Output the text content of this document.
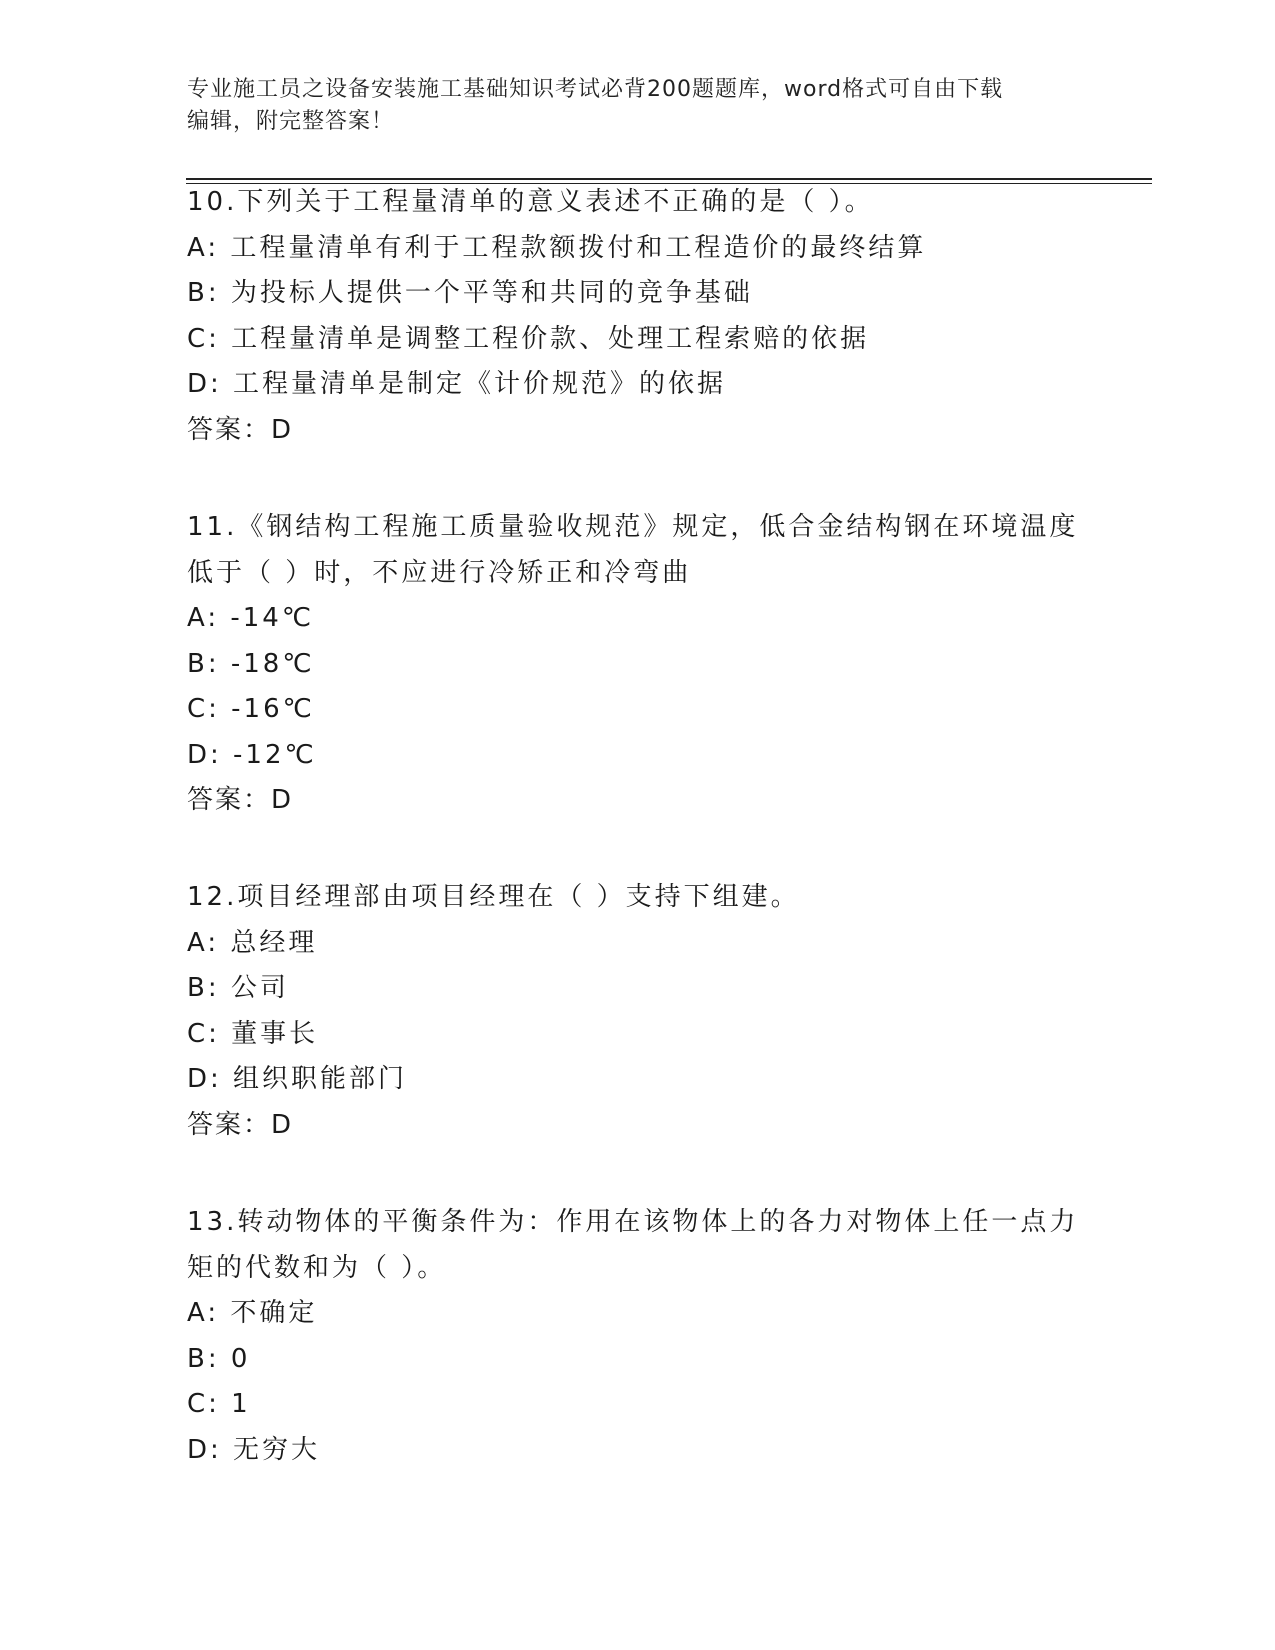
专业施工员之设备安装施工基础知识考试必背200题题库，word格式可自由下载
编辑，附完整答案！
10.下列关于工程量清单的意义表述不正确的是（ ）。
A: 工程量清单有利于工程款额拨付和工程造价的最终结算
B: 为投标人提供一个平等和共同的竞争基础
C: 工程量清单是调整工程价款、处理工程索赔的依据
D: 工程量清单是制定《计价规范》的依据
答案：D
11.《钢结构工程施工质量验收规范》规定，低合金结构钢在环境温度
低于（ ）时，不应进行冷矫正和冷弯曲
A: -14℃
B: -18℃
C: -16℃
D: -12℃
答案：D
12.项目经理部由项目经理在（ ）支持下组建。
A: 总经理
B: 公司
C: 董事长
D: 组织职能部门
答案：D
13.转动物体的平衡条件为：作用在该物体上的各力对物体上任一点力
矩的代数和为（ ）。
A: 不确定
B: 0
C: 1
D: 无穷大
